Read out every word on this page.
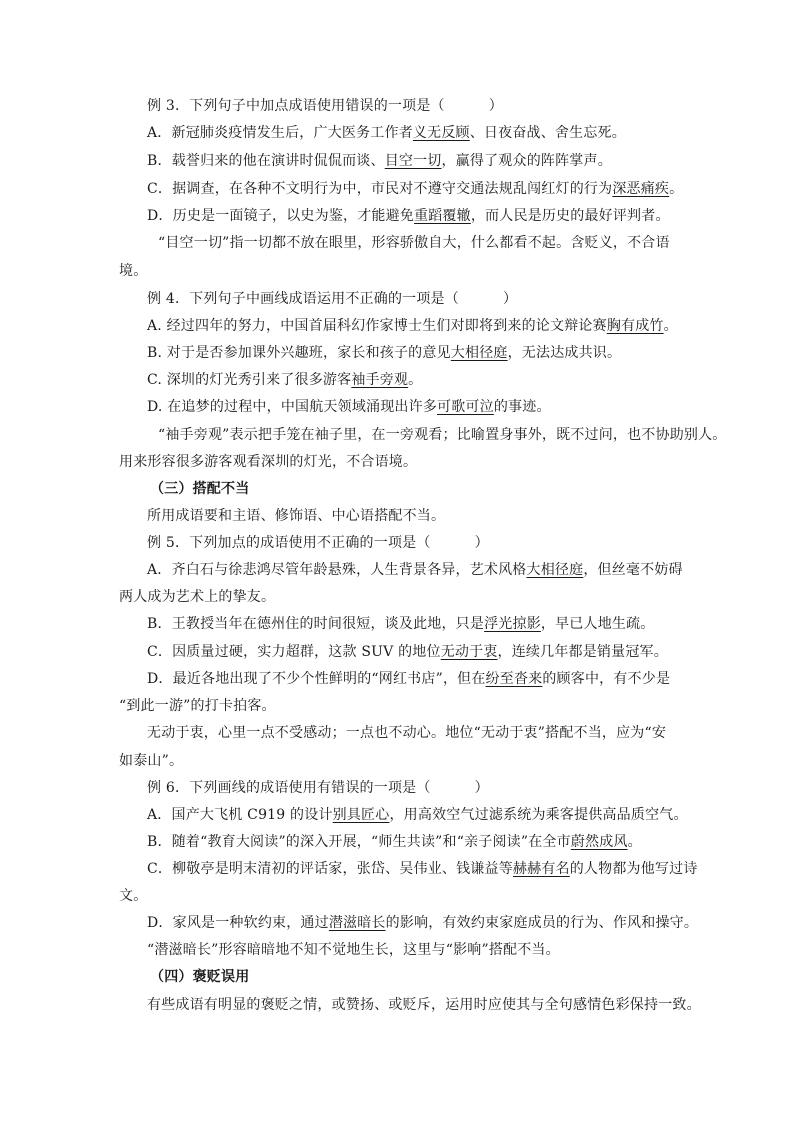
例 3．下列句子中加点成语使用错误的一项是（	）
A．新冠肺炎疫情发生后，广大医务工作者义无反顾、日夜奋战、舍生忘死。
B．载誉归来的他在演讲时侃侃而谈、目空一切，赢得了观众的阵阵掌声。
C．据调查，在各种不文明行为中，市民对不遵守交通法规乱闯红灯的行为深恶痛疾。
D．历史是一面镜子，以史为鉴，才能避免重蹈覆辙，而人民是历史的最好评判者。
“目空一切”指一切都不放在眼里，形容骄傲自大，什么都看不起。含贬义，不合语
境。
例 4．下列句子中画线成语运用不正确的一项是（	）
A. 经过四年的努力，中国首届科幻作家博士生们对即将到来的论文辩论赛胸有成竹。
B. 对于是否参加课外兴趣班，家长和孩子的意见大相径庭，无法达成共识。
C. 深圳的灯光秀引来了很多游客袖手旁观。
D. 在追梦的过程中，中国航天领域涌现出许多可歌可泣的事迹。
“袖手旁观”表示把手笼在袖子里，在一旁观看；比喻置身事外，既不过问，也不协助别人。
用来形容很多游客观看深圳的灯光，不合语境。
（三）搭配不当
所用成语要和主语、修饰语、中心语搭配不当。
例 5．下列加点的成语使用不正确的一项是（	）
A．齐白石与徐悲鸿尽管年龄悬殊，人生背景各异，艺术风格大相径庭，但丝毫不妨碍
两人成为艺术上的挚友。
B．王教授当年在德州住的时间很短，谈及此地，只是浮光掠影，早已人地生疏。
C．因质量过硬，实力超群，这款 SUV 的地位无动于衷，连续几年都是销量冠军。
D．最近各地出现了不少个性鲜明的“网红书店”，但在纷至沓来的顾客中，有不少是
“到此一游”的打卡拍客。
无动于衷，心里一点不受感动；一点也不动心。地位“无动于衷”搭配不当，应为“安
如泰山”。
例 6．下列画线的成语使用有错误的一项是（	）
A．国产大飞机 C919 的设计别具匠心，用高效空气过滤系统为乘客提供高品质空气。
B．随着“教育大阅读”的深入开展，“师生共读”和“亲子阅读”在全市蔚然成风。
C．柳敬亭是明末清初的评话家，张岱、吴伟业、钱谦益等赫赫有名的人物都为他写过诗
文。
D．家风是一种软约束，通过潜滋暗长的影响，有效约束家庭成员的行为、作风和操守。
“潜滋暗长”形容暗暗地不知不觉地生长，这里与“影响”搭配不当。
（四）褒贬误用
有些成语有明显的褒贬之情，或赞扬、或贬斥，运用时应使其与全句感情色彩保持一致。
